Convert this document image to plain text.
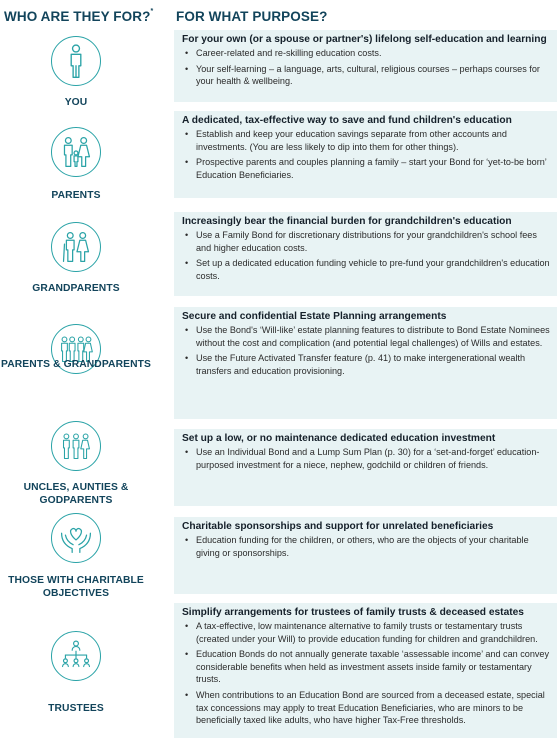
WHO ARE THEY FOR?* FOR WHAT PURPOSE?
YOU
For your own (or a spouse or partner's) lifelong self-education and learning
• Career-related and re-skilling education costs.
• Your self-learning – a language, arts, cultural, religious courses – perhaps courses for your health & wellbeing.
PARENTS
A dedicated, tax-effective way to save and fund children's education
• Establish and keep your education savings separate from other accounts and investments. (You are less likely to dip into them for other things).
• Prospective parents and couples planning a family – start your Bond for ‘yet-to-be born’ Education Beneficiaries.
GRANDPARENTS
Increasingly bear the financial burden for grandchildren's education
• Use a Family Bond for discretionary distributions for your grandchildren's school fees and higher education costs.
• Set up a dedicated education funding vehicle to pre-fund your grandchildren's education costs.
PARENTS & GRANDPARENTS
Secure and confidential Estate Planning arrangements
• Use the Bond's ‘Will-like’ estate planning features to distribute to Bond Estate Nominees without the cost and complication (and potential legal challenges) of Wills and estates.
• Use the Future Activated Transfer feature (p. 41) to make intergenerational wealth transfers and education provisioning.
UNCLES, AUNTIES & GODPARENTS
Set up a low, or no maintenance dedicated education investment
• Use an Individual Bond and a Lump Sum Plan (p. 30) for a ‘set-and-forget’ education-purposed investment for a niece, nephew, godchild or children of friends.
THOSE WITH CHARITABLE OBJECTIVES
Charitable sponsorships and support for unrelated beneficiaries
• Education funding for the children, or others, who are the objects of your charitable giving or sponsorships.
TRUSTEES
Simplify arrangements for trustees of family trusts & deceased estates
• A tax-effective, low maintenance alternative to family trusts or testamentary trusts (created under your Will) to provide education funding for children and grandchildren.
• Education Bonds do not annually generate taxable ‘assessable income’ and can convey considerable benefits when held as investment assets inside family or testamentary trusts.
• When contributions to an Education Bond are sourced from a deceased estate, special tax concessions may apply to treat Education Beneficiaries, who are minors to be beneficially taxed like adults, who have higher Tax-Free thresholds.
